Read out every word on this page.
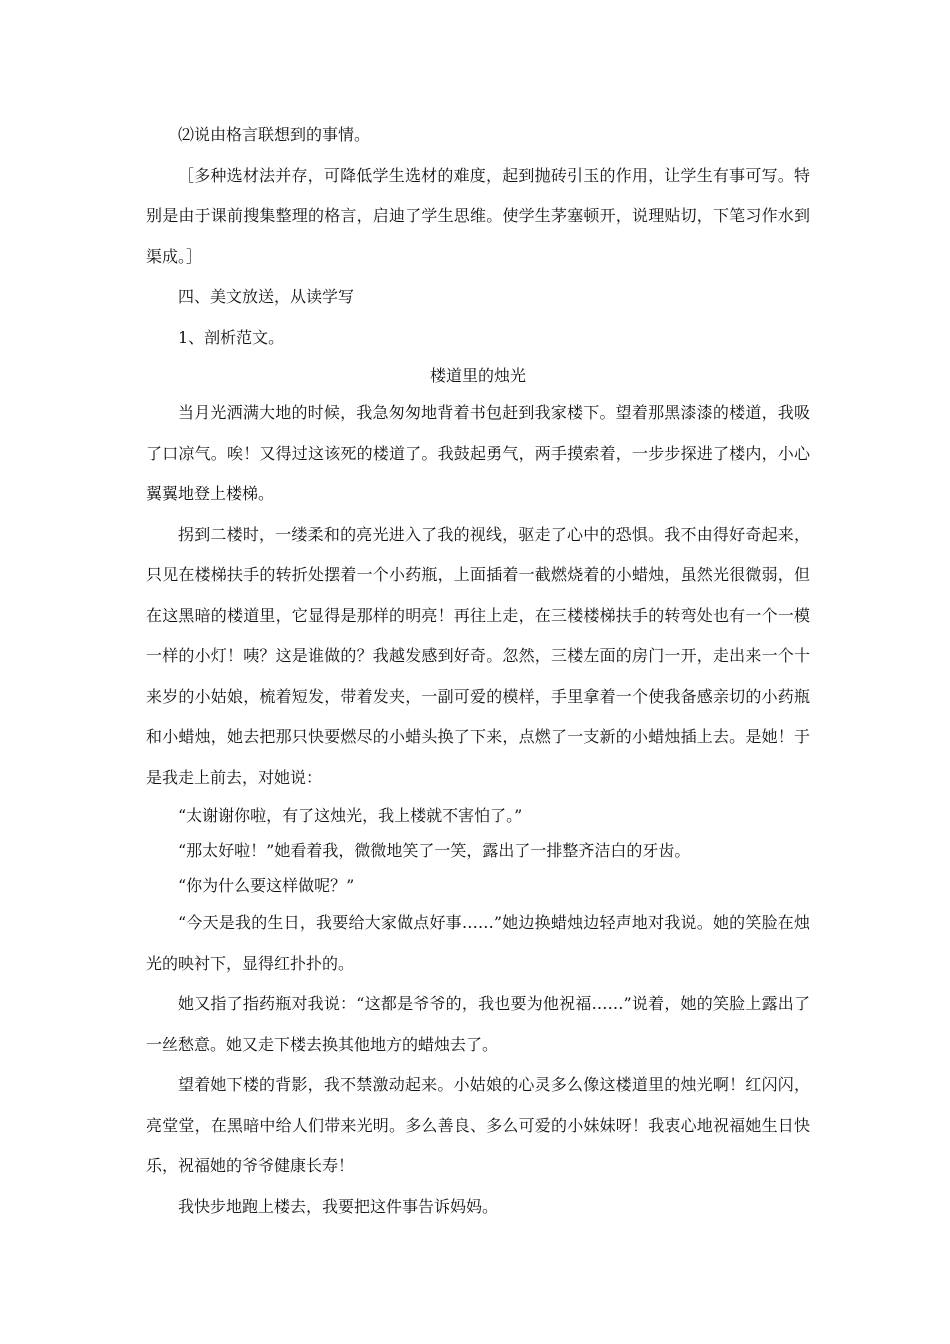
⑵说由格言联想到的事情。

［多种选材法并存，可降低学生选材的难度，起到抛砖引玉的作用，让学生有事可写。特别是由于课前搜集整理的格言，启迪了学生思维。使学生茅塞顿开，说理贴切，下笔习作水到渠成。］

四、美文放送，从读学写

1、剖析范文。

楼道里的烛光

当月光洒满大地的时候，我急匆匆地背着书包赶到我家楼下。望着那黑漆漆的楼道，我吸了口凉气。唉！又得过这该死的楼道了。我鼓起勇气，两手摸索着，一步步探进了楼内，小心翼翼地登上楼梯。

拐到二楼时，一缕柔和的亮光进入了我的视线，驱走了心中的恐惧。我不由得好奇起来，只见在楼梯扶手的转折处摆着一个小药瓶，上面插着一截燃烧着的小蜡烛，虽然光很微弱，但在这黑暗的楼道里，它显得是那样的明亮！再往上走，在三楼楼梯扶手的转弯处也有一个一模一样的小灯！咦？这是谁做的？我越发感到好奇。忽然，三楼左面的房门一开，走出来一个十来岁的小姑娘，梳着短发，带着发夹，一副可爱的模样，手里拿着一个使我备感亲切的小药瓶和小蜡烛，她去把那只快要燃尽的小蜡头换了下来，点燃了一支新的小蜡烛插上去。是她！于是我走上前去，对她说：

“太谢谢你啦，有了这烛光，我上楼就不害怕了。”

“那太好啦！”她看着我，微微地笑了一笑，露出了一排整齐洁白的牙齿。

“你为什么要这样做呢？”

“今天是我的生日，我要给大家做点好事……”她边换蜡烛边轻声地对我说。她的笑脸在烛光的映衬下，显得红扑扑的。

她又指了指药瓶对我说：“这都是爷爷的，我也要为他祝福……”说着，她的笑脸上露出了一丝愁意。她又走下楼去换其他地方的蜡烛去了。

望着她下楼的背影，我不禁激动起来。小姑娘的心灵多么像这楼道里的烛光啊！红闪闪，亮堂堂，在黑暗中给人们带来光明。多么善良、多么可爱的小妹妹呀！我衷心地祝福她生日快乐，祝福她的爷爷健康长寿！

我快步地跑上楼去，我要把这件事告诉妈妈。
